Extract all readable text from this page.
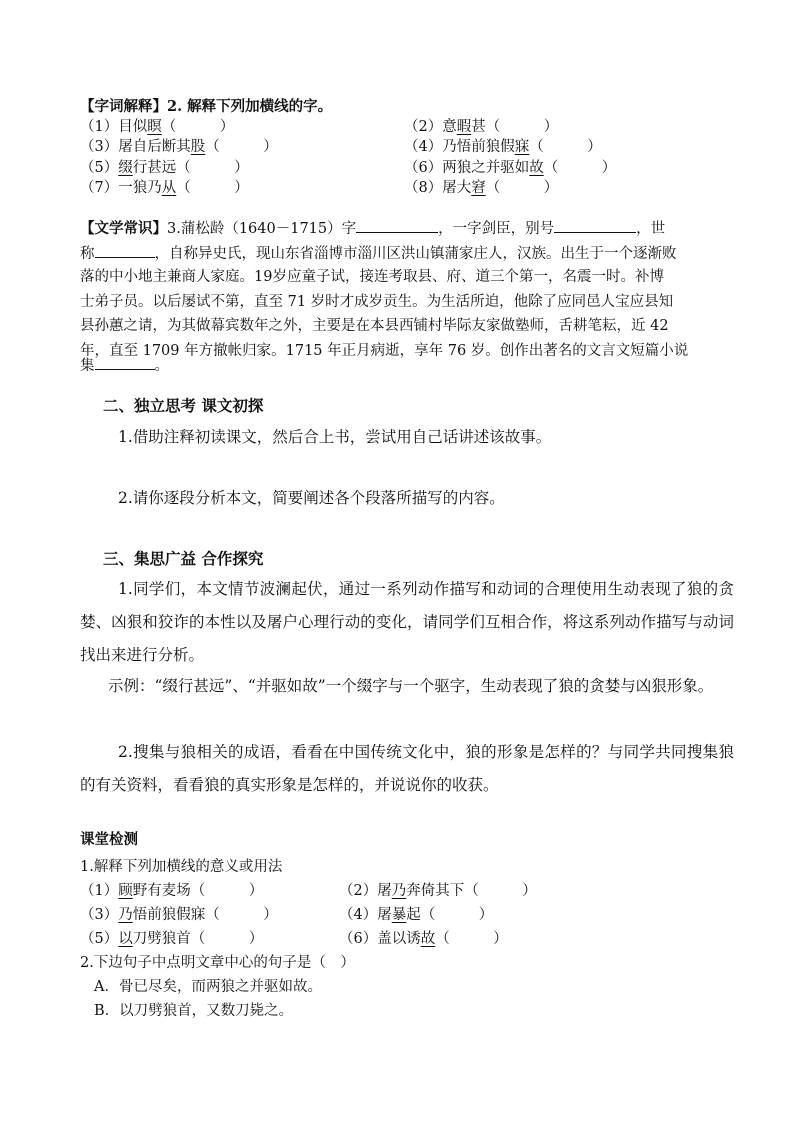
【字词解释】2. 解释下列加横线的字。
（1）目似瞑（　　　）	（2）意暇甚（　　　）
（3）屠自后断其股（　　　）	（4）乃悟前狼假寐（　　　）
（5）缀行甚远（　　　）	（6）两狼之并驱如故（　　　）
（7）一狼乃从（　　　）	（8）屠大窘（　　　）
【文学常识】3.蒲松龄（1640－1715）字	，一字剑臣，别号	，世
称	，自称异史氏，现山东省淄博市淄川区洪山镇蒲家庄人，汉族。出生于一个逐渐败
落的中小地主兼商人家庭。19岁应童子试，接连考取县、府、道三个第一，名震一时。补博
士弟子员。以后屡试不第，直至 71 岁时才成岁贡生。为生活所迫，他除了应同邑人宝应县知
县孙蕙之请，为其做幕宾数年之外，主要是在本县西铺村毕际友家做塾师，舌耕笔耘，近 42
年，直至 1709 年方撤帐归家。1715 年正月病逝，享年 76 岁。创作出著名的文言文短篇小说
集	。
二、独立思考 课文初探
1.借助注释初读课文，然后合上书，尝试用自己话讲述该故事。
2.请你逐段分析本文，简要阐述各个段落所描写的内容。
三、集思广益 合作探究
1.同学们，本文情节波澜起伏，通过一系列动作描写和动词的合理使用生动表现了狼的贪婪、凶狠和狡诈的本性以及屠户心理行动的变化，请同学们互相合作，将这系列动作描写与动词找出来进行分析。
示例：“缀行甚远”、“并驱如故”一个缀字与一个驱字，生动表现了狼的贪婪与凶狠形象。
2.搜集与狼相关的成语，看看在中国传统文化中，狼的形象是怎样的？与同学共同搜集狼的有关资料，看看狼的真实形象是怎样的，并说说你的收获。
课堂检测
1.解释下列加横线的意义或用法
（1）顾野有麦场（　　　）	（2）屠乃奔倚其下（　　　）
（3）乃悟前狼假寐（　　　）	（4）屠暴起（　　　）
（5）以刀劈狼首（　　　）	（6）盖以诱故（　　　）
2.下边句子中点明文章中心的句子是（　）
A．骨已尽矣，而两狼之并驱如故。
B．以刀劈狼首，又数刀毙之。
